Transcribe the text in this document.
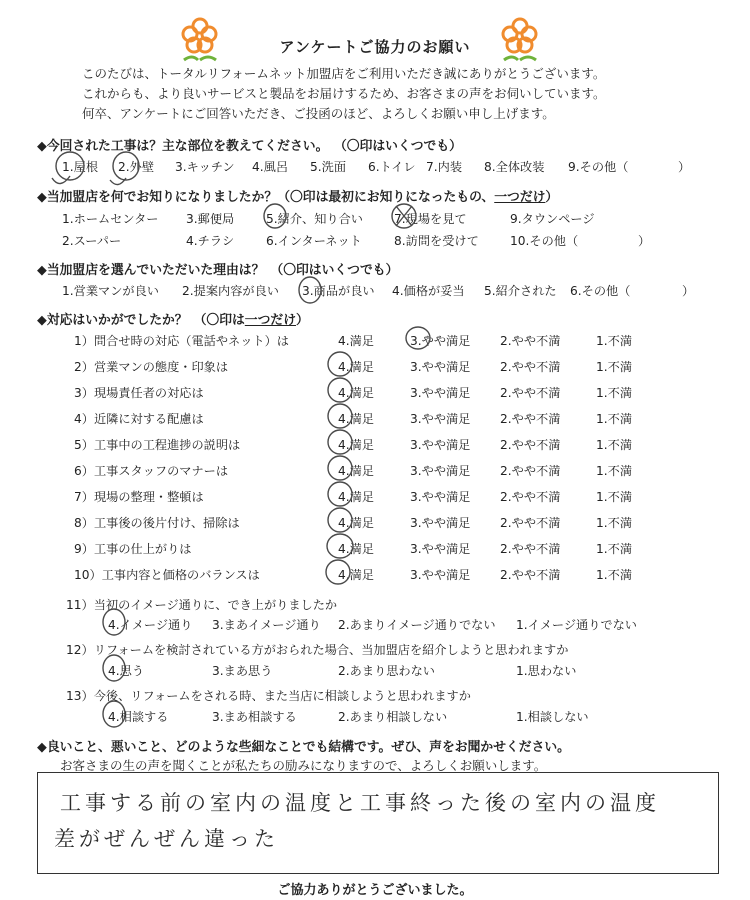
アンケートご協力のお願い
このたびは、トータルリフォームネット加盟店をご利用いただき誠にありがとうございます。
これからも、より良いサービスと製品をお届けするため、お客さまの声をお伺いしています。
何卒、アンケートにご回答いただき、ご投函のほど、よろしくお願い申し上げます。
◆今回された工事は？主な部位を教えてください。 （〇印はいくつでも）
1.屋根 2.外壁 3.キッチン 4.風呂 5.洗面 6.トイレ 7.内装 8.全体改装 9.その他（	）
◆当加盟店を何でお知りになりましたか？（〇印は最初にお知りになったもの、一つだけ）
1.ホームセンター 3.郵便局	5.紹介、知り合い	7.現場を見て	9.タウンページ
2.スーパー	4.チラシ	6.インターネット	8.訪問を受けて	10.その他（	）
◆当加盟店を選んでいただいた理由は？ （〇印はいくつでも）
1.営業マンが良い 2.提案内容が良い 3.商品が良い 4.価格が妥当 5.紹介された 6.その他（	）
◆対応はいかがでしたか？ （〇印は一つだけ）
1）問合せ時の対応（電話やネット）は	4.満足	3.やや満足 2.やや不満	1.不満
2）営業マンの態度・印象は	4.満足	3.やや満足 2.やや不満	1.不満
3）現場責任者の対応は	4.満足	3.やや満足 2.やや不満	1.不満
4）近隣に対する配慮は	4.満足	3.やや満足 2.やや不満	1.不満
5）工事中の工程進捗の説明は	4.満足	3.やや満足 2.やや不満	1.不満
6）工事スタッフのマナーは	4.満足	3.やや満足 2.やや不満	1.不満
7）現場の整理・整頓は	4.満足	3.やや満足 2.やや不満	1.不満
8）工事後の後片付け、掃除は	4.満足	3.やや満足 2.やや不満	1.不満
9）工事の仕上がりは	4.満足	3.やや満足 2.やや不満	1.不満
10）工事内容と価格のバランスは	4.満足	3.やや満足 2.やや不満	1.不満
11）当初のイメージ通りに、でき上がりましたか
4.イメージ通り 3.まあイメージ通り 2.あまりイメージ通りでない 1.イメージ通りでない
12）リフォームを検討されている方がおられた場合、当加盟店を紹介しようと思われますか
4.思う	3.まあ思う	2.あまり思わない	1.思わない
13）今後、リフォームをされる時、また当店に相談しようと思われますか
4.相談する	3.まあ相談する	2.あまり相談しない	1.相談しない
◆良いこと、悪いこと、どのような些細なことでも結構です。ぜひ、声をお聞かせください。
お客さまの生の声を聞くことが私たちの励みになりますので、よろしくお願いします。
工事する前の室内の温度と工事終った後の室内の温度
差がぜんぜん違った
ご協力ありがとうございました。
